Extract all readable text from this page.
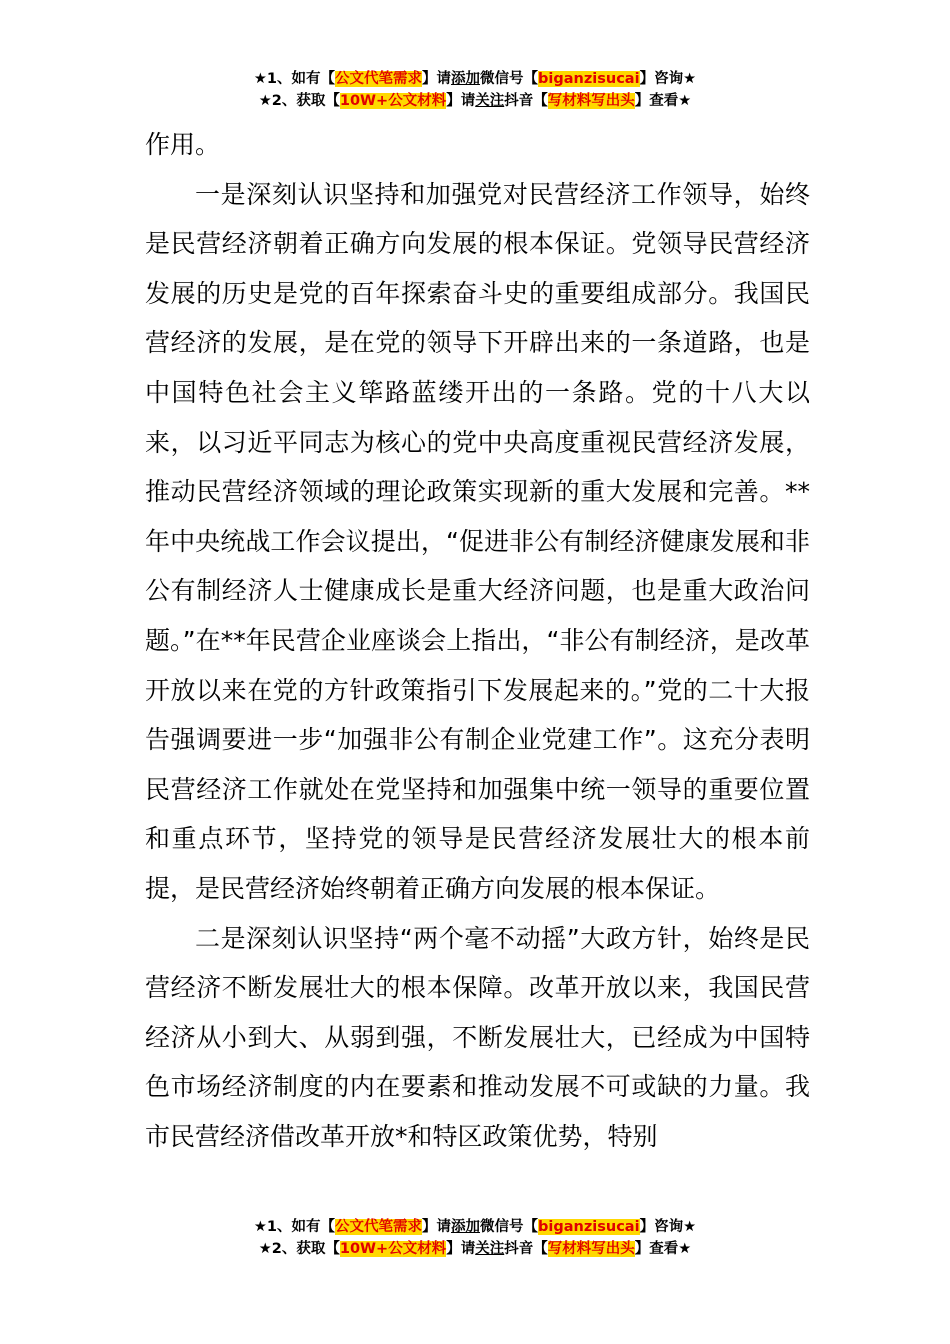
★1、如有【公文代笔需求】请添加微信号【biganzisucai】咨询★
★2、获取【10W+公文材料】请关注抖音【写材料写出头】查看★

作用。

一是深刻认识坚持和加强党对民营经济工作领导，始终是民营经济朝着正确方向发展的根本保证。党领导民营经济发展的历史是党的百年探索奋斗史的重要组成部分。我国民营经济的发展，是在党的领导下开辟出来的一条道路，也是中国特色社会主义筚路蓝缕开出的一条路。党的十八大以来，以习近平同志为核心的党中央高度重视民营经济发展，推动民营经济领域的理论政策实现新的重大发展和完善。**年中央统战工作会议提出，“促进非公有制经济健康发展和非公有制经济人士健康成长是重大经济问题，也是重大政治问题。”在**年民营企业座谈会上指出，“非公有制经济，是改革开放以来在党的方针政策指引下发展起来的。”党的二十大报告强调要进一步“加强非公有制企业党建工作”。这充分表明民营经济工作就处在党坚持和加强集中统一领导的重要位置和重点环节，坚持党的领导是民营经济发展壮大的根本前提，是民营经济始终朝着正确方向发展的根本保证。

二是深刻认识坚持“两个毫不动摇”大政方针，始终是民营经济不断发展壮大的根本保障。改革开放以来，我国民营经济从小到大、从弱到强，不断发展壮大，已经成为中国特色市场经济制度的内在要素和推动发展不可或缺的力量。我市民营经济借改革开放*和特区政策优势，特别

★1、如有【公文代笔需求】请添加微信号【biganzisucai】咨询★
★2、获取【10W+公文材料】请关注抖音【写材料写出头】查看★
